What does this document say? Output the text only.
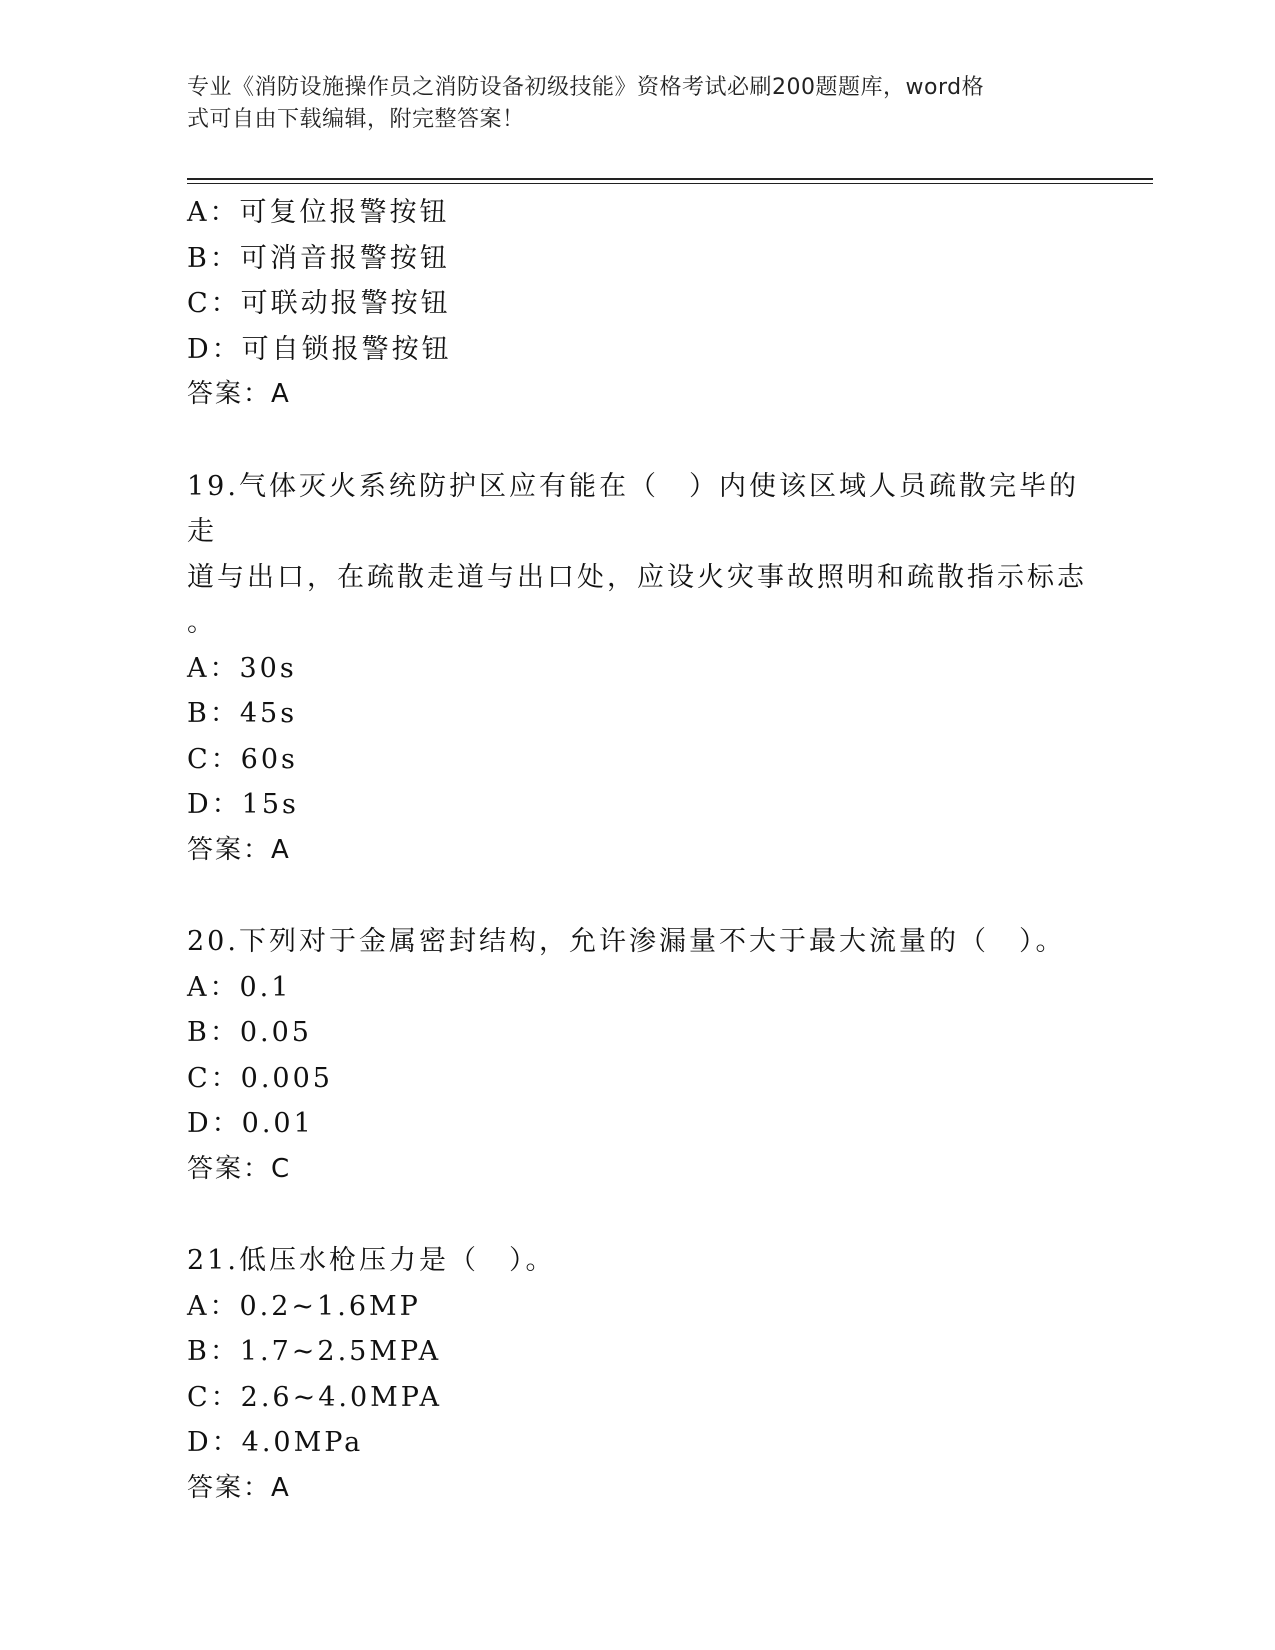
专业《消防设施操作员之消防设备初级技能》资格考试必刷200题题库，word格
式可自由下载编辑，附完整答案！

A：可复位报警按钮

B：可消音报警按钮

C：可联动报警按钮

D：可自锁报警按钮

答案：A

19.气体灭火系统防护区应有能在（　）内使该区域人员疏散完毕的走

道与出口，在疏散走道与出口处，应设火灾事故照明和疏散指示标志

。

A：30s

B：45s

C：60s

D：15s

答案：A

20.下列对于金属密封结构，允许渗漏量不大于最大流量的（　）。

A：0.1

B：0.05

C：0.005

D：0.01

答案：C

21.低压水枪压力是（　）。

A：0.2~1.6MP

B：1.7~2.5MPA

C：2.6~4.0MPA

D：4.0MPa

答案：A
